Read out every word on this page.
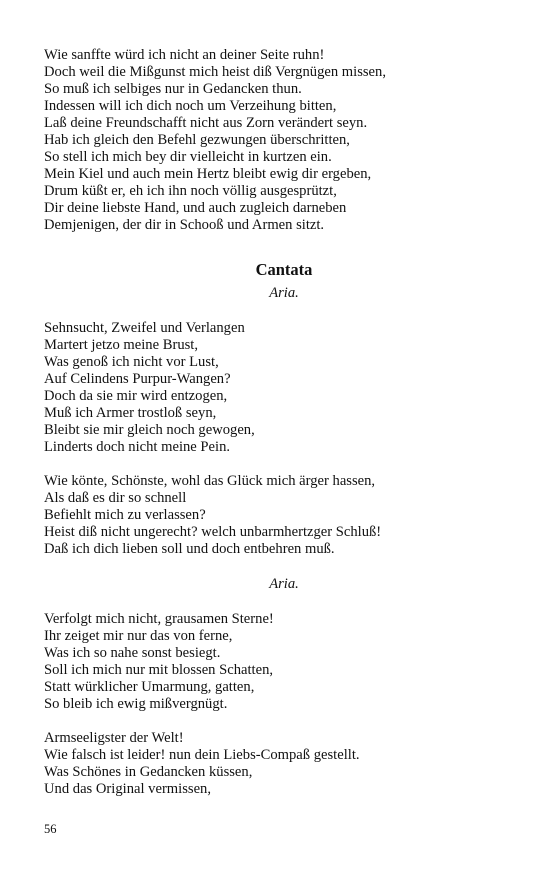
Wie sanffte würd ich nicht an deiner Seite ruhn!
Doch weil die Mißgunst mich heist diß Vergnügen missen,
So muß ich selbiges nur in Gedancken thun.
Indessen will ich dich noch um Verzeihung bitten,
Laß deine Freundschafft nicht aus Zorn verändert seyn.
Hab ich gleich den Befehl gezwungen überschritten,
So stell ich mich bey dir vielleicht in kurtzen ein.
Mein Kiel und auch mein Hertz bleibt ewig dir ergeben,
Drum küßt er, eh ich ihn noch völlig ausgesprützt,
Dir deine liebste Hand, und auch zugleich darneben
Demjenigen, der dir in Schooß und Armen sitzt.
Cantata
Aria.
Sehnsucht, Zweifel und Verlangen
Martert jetzo meine Brust,
Was genoß ich nicht vor Lust,
Auf Celindens Purpur-Wangen?
Doch da sie mir wird entzogen,
Muß ich Armer trostloß seyn,
Bleibt sie mir gleich noch gewogen,
Linderts doch nicht meine Pein.
Wie könte, Schönste, wohl das Glück mich ärger hassen,
Als daß es dir so schnell
Befiehlt mich zu verlassen?
Heist diß nicht ungerecht? welch unbarmhertzger Schluß!
Daß ich dich lieben soll und doch entbehren muß.
Aria.
Verfolgt mich nicht, grausamen Sterne!
Ihr zeiget mir nur das von ferne,
Was ich so nahe sonst besiegt.
Soll ich mich nur mit blossen Schatten,
Statt würklicher Umarmung, gatten,
So bleib ich ewig mißvergnügt.
Armseeligster der Welt!
Wie falsch ist leider! nun dein Liebs-Compaß gestellt.
Was Schönes in Gedancken küssen,
Und das Original vermissen,
56
